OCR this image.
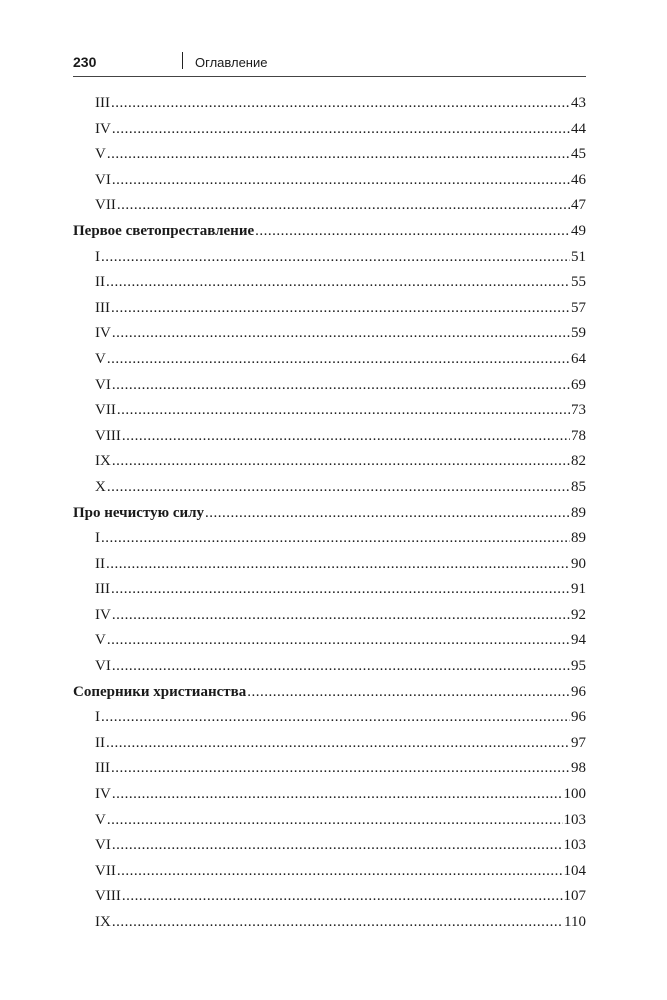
230	Оглавление
III .....	43
IV .....	44
V .....	45
VI .....	46
VII .....	47
Первое светопреставление .....	49
I .....	51
II .....	55
III .....	57
IV .....	59
V .....	64
VI .....	69
VII .....	73
VIII .....	78
IX .....	82
X .....	85
Про нечистую силу .....	89
I .....	89
II .....	90
III .....	91
IV .....	92
V .....	94
VI .....	95
Соперники христианства .....	96
I .....	96
II .....	97
III .....	98
IV .....	100
V .....	103
VI .....	103
VII .....	104
VIII .....	107
IX .....	110
